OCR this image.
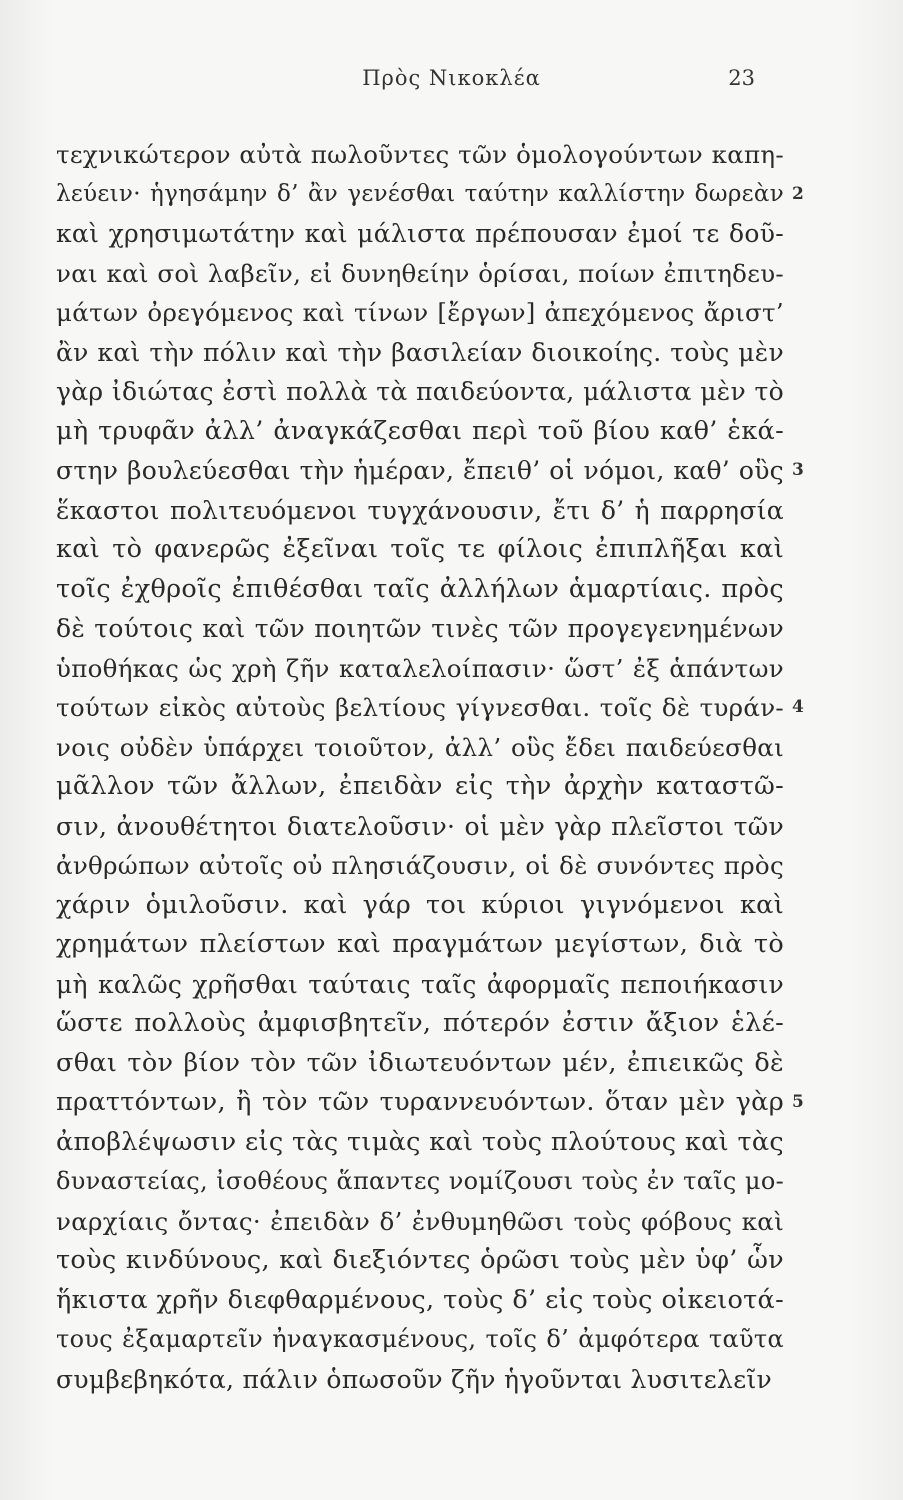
Πρὸς Νικοκλέα	23
τεχνικώτερον αὐτὰ πωλοῦντες τῶν ὁμολογούντων καπη-
λεύειν· ἡγησάμην δ’ ἂν γενέσθαι ταύτην καλλίστην δωρεὰν 2
καὶ χρησιμωτάτην καὶ μάλιστα πρέπουσαν ἐμοί τε δοῦ-
ναι καὶ σοὶ λαβεῖν, εἰ δυνηθείην ὁρίσαι, ποίων ἐπιτηδευ-
μάτων ὀρεγόμενος καὶ τίνων [ἔργων] ἀπεχόμενος ἄριστ’
ἂν καὶ τὴν πόλιν καὶ τὴν βασιλείαν διοικοίης. τοὺς μὲν
γὰρ ἰδιώτας ἐστὶ πολλὰ τὰ παιδεύοντα, μάλιστα μὲν τὸ
μὴ τρυφᾶν ἀλλ’ ἀναγκάζεσθαι περὶ τοῦ βίου καθ’ ἑκά-
στην βουλεύεσθαι τὴν ἡμέραν, ἔπειθ’ οἱ νόμοι, καθ’ οὓς 3
ἕκαστοι πολιτευόμενοι τυγχάνουσιν, ἔτι δ’ ἡ παρρησία
καὶ τὸ φανερῶς ἐξεῖναι τοῖς τε φίλοις ἐπιπλῆξαι καὶ
τοῖς ἐχθροῖς ἐπιθέσθαι ταῖς ἀλλήλων ἁμαρτίαις. πρὸς
δὲ τούτοις καὶ τῶν ποιητῶν τινὲς τῶν προγεγενημένων
ὑποθήκας ὡς χρὴ ζῆν καταλελοίπασιν· ὥστ’ ἐξ ἁπάντων
τούτων εἰκὸς αὐτοὺς βελτίους γίγνεσθαι. τοῖς δὲ τυράν- 4
νοις οὐδὲν ὑπάρχει τοιοῦτον, ἀλλ’ οὓς ἔδει παιδεύεσθαι
μᾶλλον τῶν ἄλλων, ἐπειδὰν εἰς τὴν ἀρχὴν καταστῶ-
σιν, ἀνουθέτητοι διατελοῦσιν· οἱ μὲν γὰρ πλεῖστοι τῶν
ἀνθρώπων αὐτοῖς οὐ πλησιάζουσιν, οἱ δὲ συνόντες πρὸς
χάριν ὁμιλοῦσιν. καὶ γάρ τοι κύριοι γιγνόμενοι καὶ
χρημάτων πλείστων καὶ πραγμάτων μεγίστων, διὰ τὸ
μὴ καλῶς χρῆσθαι ταύταις ταῖς ἀφορμαῖς πεποιήκασιν
ὥστε πολλοὺς ἀμφισβητεῖν, πότερόν ἐστιν ἄξιον ἑλέ-
σθαι τὸν βίον τὸν τῶν ἰδιωτευόντων μέν, ἐπιεικῶς δὲ
πραττόντων, ἢ τὸν τῶν τυραννευόντων. ὅταν μὲν γὰρ 5
ἀποβλέψωσιν εἰς τὰς τιμὰς καὶ τοὺς πλούτους καὶ τὰς
δυναστείας, ἰσοθέους ἅπαντες νομίζουσι τοὺς ἐν ταῖς μο-
ναρχίαις ὄντας· ἐπειδὰν δ’ ἐνθυμηθῶσι τοὺς φόβους καὶ
τοὺς κινδύνους, καὶ διεξιόντες ὁρῶσι τοὺς μὲν ὑφ’ ὧν
ἥκιστα χρῆν διεφθαρμένους, τοὺς δ’ εἰς τοὺς οἰκειοτά-
τους ἐξαμαρτεῖν ἠναγκασμένους, τοῖς δ’ ἀμφότερα ταῦτα
συμβεβηκότα, πάλιν ὁπωσοῦν ζῆν ἡγοῦνται λυσιτελεῖν
